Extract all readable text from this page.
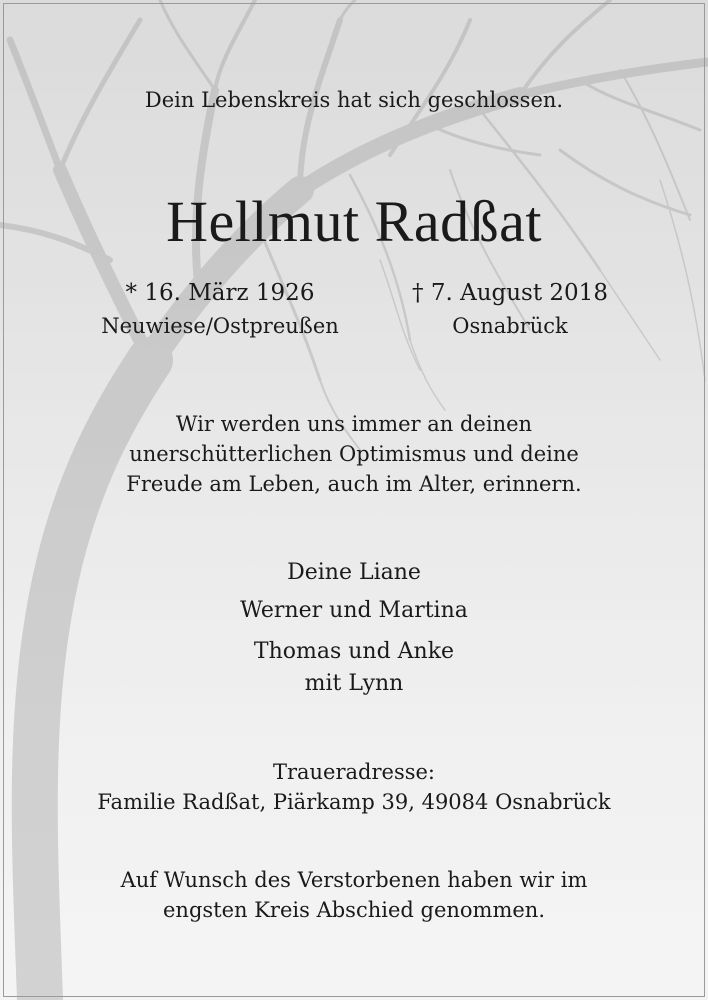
Dein Lebenskreis hat sich geschlossen.
Hellmut Radßat
* 16. März 1926
Neuwiese/Ostpreußen
† 7. August 2018
Osnabrück
Wir werden uns immer an deinen
unerschütterlichen Optimismus und deine
Freude am Leben, auch im Alter, erinnern.
Deine Liane
Werner und Martina
Thomas und Anke
mit Lynn
Traueradresse:
Familie Radßat, Piärkamp 39, 49084 Osnabrück
Auf Wunsch des Verstorbenen haben wir im
engsten Kreis Abschied genommen.
